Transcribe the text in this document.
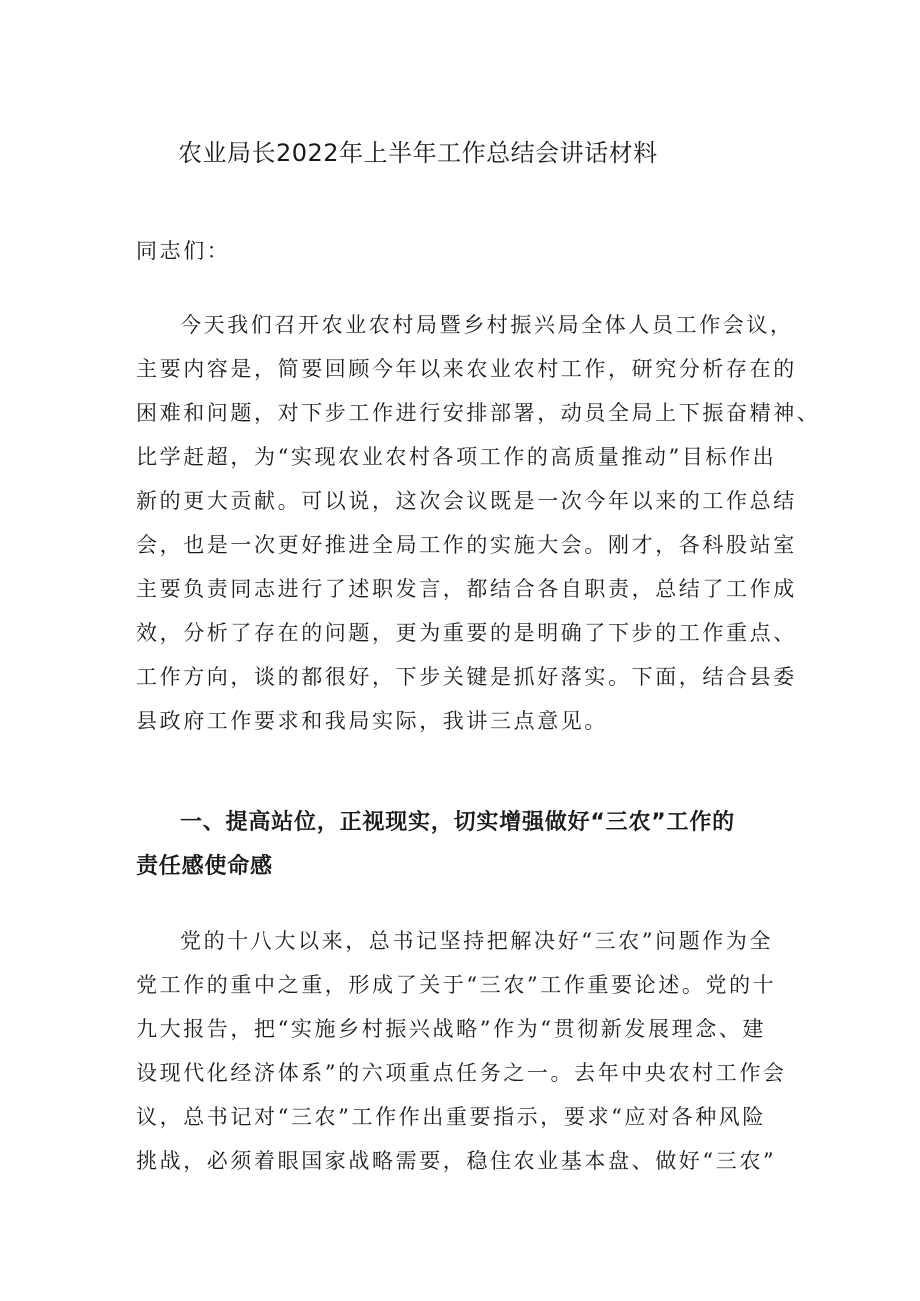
农业局长2022年上半年工作总结会讲话材料

同志们：

今天我们召开农业农村局暨乡村振兴局全体人员工作会议，

主要内容是，简要回顾今年以来农业农村工作，研究分析存在的

困难和问题，对下步工作进行安排部署，动员全局上下振奋精神、

比学赶超，为“实现农业农村各项工作的高质量推动”目标作出

新的更大贡献。可以说，这次会议既是一次今年以来的工作总结

会，也是一次更好推进全局工作的实施大会。刚才，各科股站室

主要负责同志进行了述职发言，都结合各自职责，总结了工作成

效，分析了存在的问题，更为重要的是明确了下步的工作重点、

工作方向，谈的都很好，下步关键是抓好落实。下面，结合县委

县政府工作要求和我局实际，我讲三点意见。

一、提高站位，正视现实，切实增强做好“三农”工作的

责任感使命感

党的十八大以来，总书记坚持把解决好“三农”问题作为全

党工作的重中之重，形成了关于“三农”工作重要论述。党的十

九大报告，把“实施乡村振兴战略”作为“贯彻新发展理念、建

设现代化经济体系”的六项重点任务之一。去年中央农村工作会

议，总书记对“三农”工作作出重要指示，要求“应对各种风险

挑战，必须着眼国家战略需要，稳住农业基本盘、做好“三农”
